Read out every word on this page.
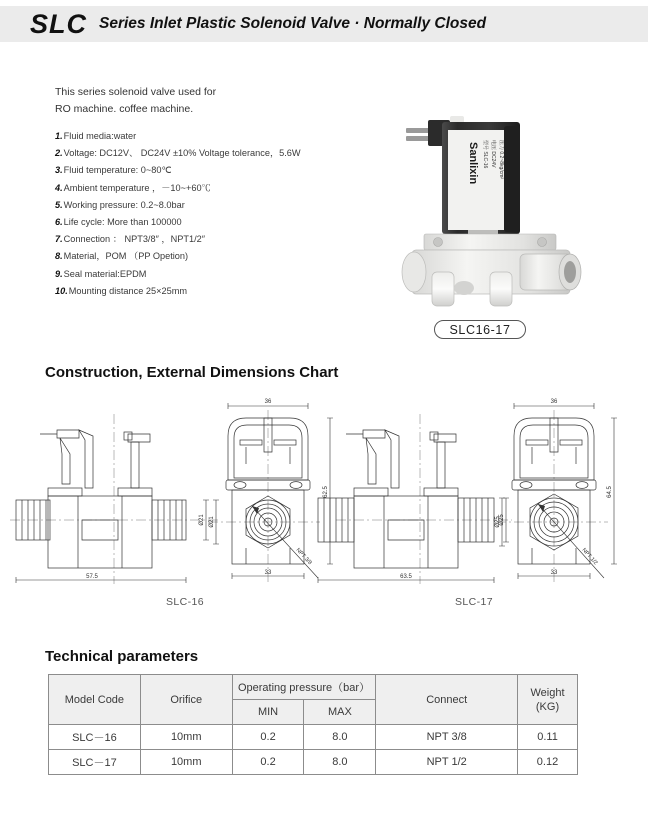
SLC Series Inlet Plastic Solenoid Valve · Normally Closed
This series solenoid valve used for
RO machine. coffee machine.
1.Fluid media:water
2.Voltage: DC12V、 DC24V ±10% Voltage tolerance，5.6W
3.Fluid temperature: 0~80℃
4.Ambient temperature ，－10~+60℃
5.Working pressure: 0.2~8.0bar
6.Life cycle: More than 100000
7.Connection ： NPT3/8″ ，NPT1/2″
8.Material，POM （PP Opetion)
9.Seal material:EPDM
10.Mounting distance 25×25mm
Sanlixin 型号 SLC-16 电压 DC24V 压力 0.2~8kg/cm²
SLC16-17
Construction, External Dimensions Chart
Technical parameters
57.5
Ø21
36
Ø21
62.5
33
NPT 3/8
63.5
Ø25
36
Ø25
64.5
33
NPT 1/2
SLC-16	SLC-17
Model Code	Orifice	Operating pressure（bar）		Connect	Weight
(KG)

		MIN	MAX		
SLC－16	10mm	0.2	8.0	NPT 3/8	0.11
SLC－17	10mm	0.2	8.0	NPT 1/2	0.12
